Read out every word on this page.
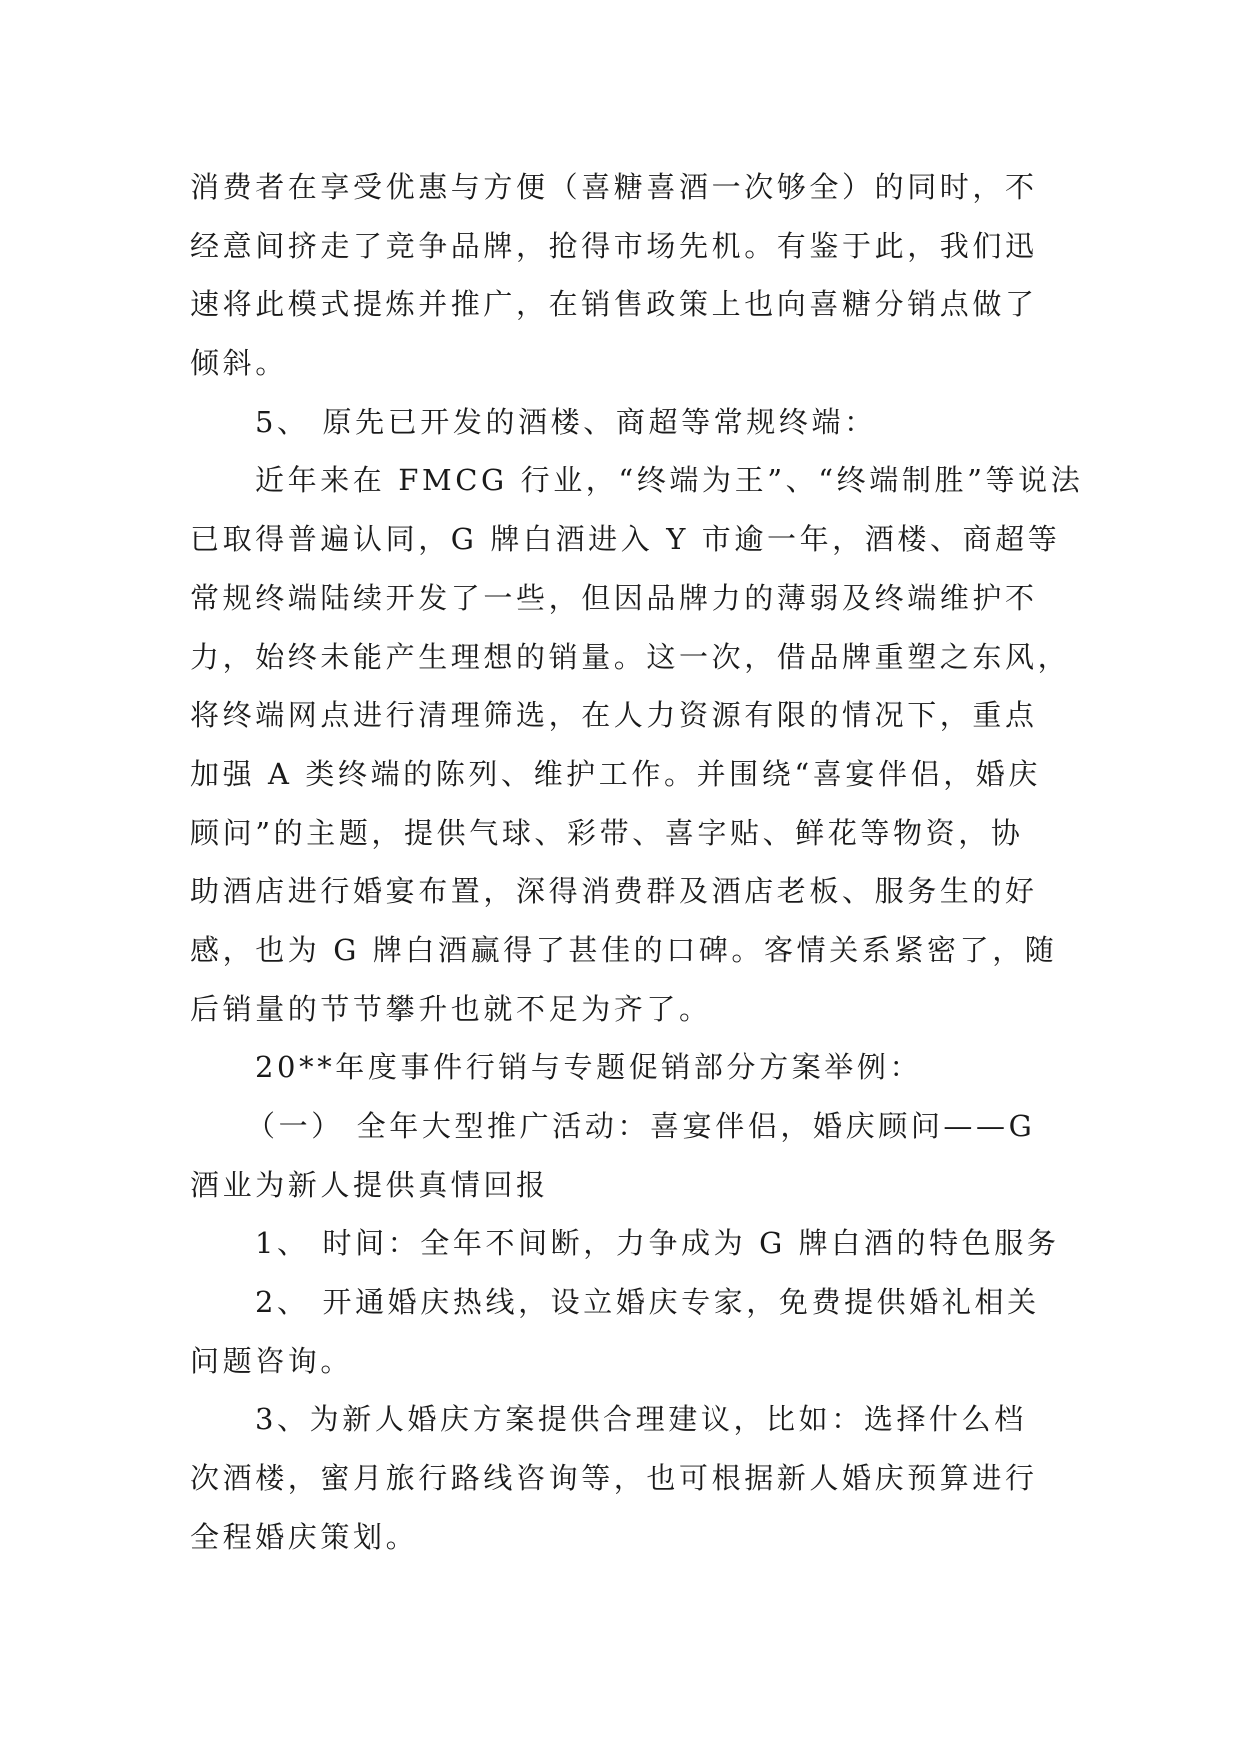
消费者在享受优惠与方便（喜糖喜酒一次够全）的同时，不
经意间挤走了竞争品牌，抢得市场先机。有鉴于此，我们迅
速将此模式提炼并推广，在销售政策上也向喜糖分销点做了
倾斜。
5、 原先已开发的酒楼、商超等常规终端：
近年来在 FMCG 行业，“终端为王”、“终端制胜”等说法
已取得普遍认同，G 牌白酒进入 Y 市逾一年，酒楼、商超等
常规终端陆续开发了一些，但因品牌力的薄弱及终端维护不
力，始终未能产生理想的销量。这一次，借品牌重塑之东风，
将终端网点进行清理筛选，在人力资源有限的情况下，重点
加强 A 类终端的陈列、维护工作。并围绕“喜宴伴侣，婚庆
顾问”的主题，提供气球、彩带、喜字贴、鲜花等物资，协
助酒店进行婚宴布置，深得消费群及酒店老板、服务生的好
感，也为 G 牌白酒赢得了甚佳的口碑。客情关系紧密了，随
后销量的节节攀升也就不足为齐了。
20**年度事件行销与专题促销部分方案举例：
（一） 全年大型推广活动：喜宴伴侣，婚庆顾问——G
酒业为新人提供真情回报
1、 时间：全年不间断，力争成为 G 牌白酒的特色服务
2、 开通婚庆热线，设立婚庆专家，免费提供婚礼相关
问题咨询。
3、为新人婚庆方案提供合理建议，比如：选择什么档
次酒楼，蜜月旅行路线咨询等，也可根据新人婚庆预算进行
全程婚庆策划。
